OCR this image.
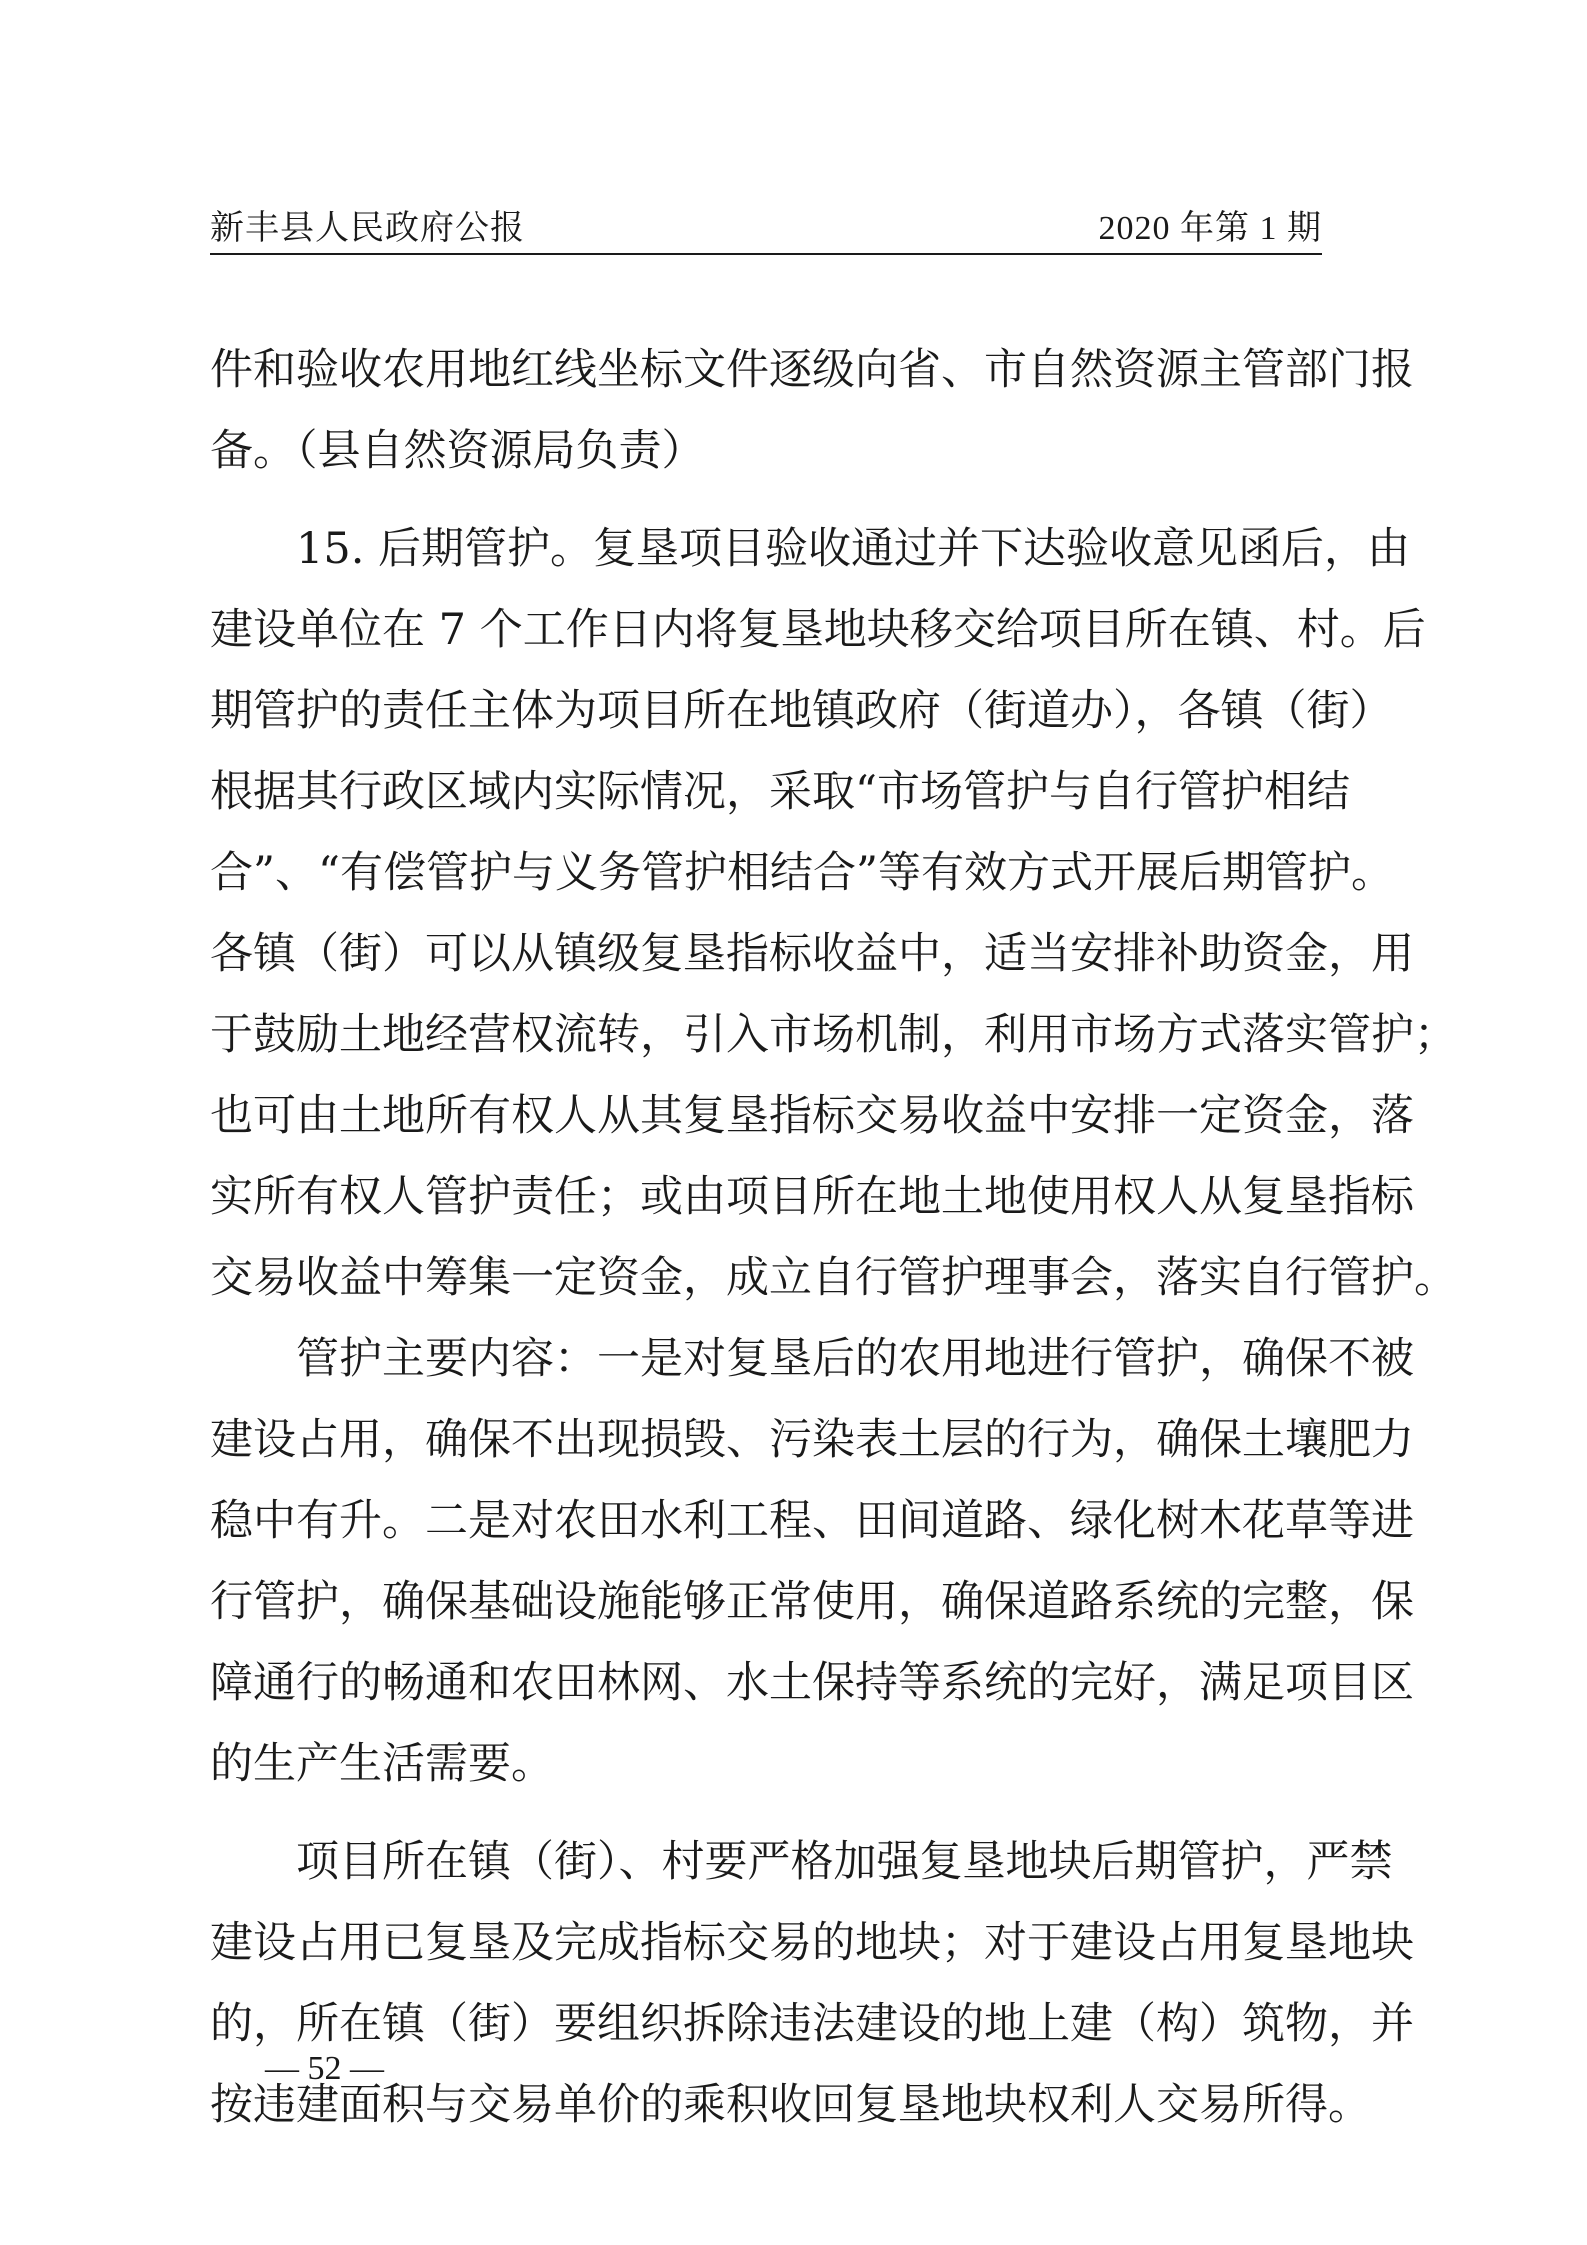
新丰县人民政府公报	2020 年第 1 期
件和验收农用地红线坐标文件逐级向省、市自然资源主管部门报
备。（县自然资源局负责）
　　15. 后期管护。复垦项目验收通过并下达验收意见函后，由
建设单位在 7 个工作日内将复垦地块移交给项目所在镇、村。后
期管护的责任主体为项目所在地镇政府（街道办），各镇（街）
根据其行政区域内实际情况，采取“市场管护与自行管护相结
合”、“有偿管护与义务管护相结合”等有效方式开展后期管护。
各镇（街）可以从镇级复垦指标收益中，适当安排补助资金，用
于鼓励土地经营权流转，引入市场机制，利用市场方式落实管护；
也可由土地所有权人从其复垦指标交易收益中安排一定资金，落
实所有权人管护责任；或由项目所在地土地使用权人从复垦指标
交易收益中筹集一定资金，成立自行管护理事会，落实自行管护。
　　管护主要内容：一是对复垦后的农用地进行管护，确保不被
建设占用，确保不出现损毁、污染表土层的行为，确保土壤肥力
稳中有升。二是对农田水利工程、田间道路、绿化树木花草等进
行管护，确保基础设施能够正常使用，确保道路系统的完整，保
障通行的畅通和农田林网、水土保持等系统的完好，满足项目区
的生产生活需要。
　　项目所在镇（街）、村要严格加强复垦地块后期管护，严禁
建设占用已复垦及完成指标交易的地块；对于建设占用复垦地块
的，所在镇（街）要组织拆除违法建设的地上建（构）筑物，并
按违建面积与交易单价的乘积收回复垦地块权利人交易所得。
— 52 —
